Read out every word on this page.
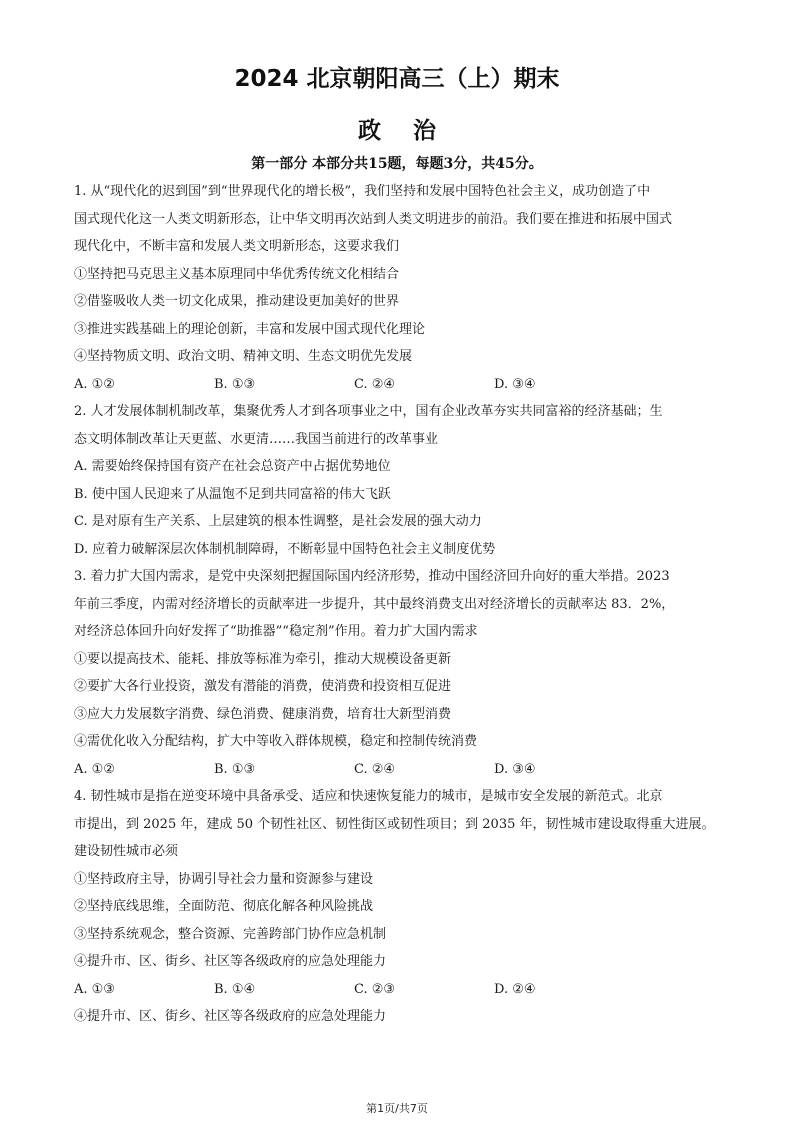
2024 北京朝阳高三（上）期末
政    治
第一部分 本部分共15题，每题3分，共45分。
1. 从“现代化的迟到国”到“世界现代化的增长极”，我们坚持和发展中国特色社会主义，成功创造了中
国式现代化这一人类文明新形态，让中华文明再次站到人类文明进步的前沿。我们要在推进和拓展中国式
现代化中，不断丰富和发展人类文明新形态，这要求我们
①坚持把马克思主义基本原理同中华优秀传统文化相结合
②借鉴吸收人类一切文化成果，推动建设更加美好的世界
③推进实践基础上的理论创新，丰富和发展中国式现代化理论
④坚持物质文明、政治文明、精神文明、生态文明优先发展
A. ①②	B. ①③	C. ②④	D. ③④
2. 人才发展体制机制改革，集聚优秀人才到各项事业之中，国有企业改革夯实共同富裕的经济基础；生
态文明体制改革让天更蓝、水更清……我国当前进行的改革事业
A. 需要始终保持国有资产在社会总资产中占据优势地位
B. 使中国人民迎来了从温饱不足到共同富裕的伟大飞跃
C. 是对原有生产关系、上层建筑的根本性调整，是社会发展的强大动力
D. 应着力破解深层次体制机制障碍，不断彰显中国特色社会主义制度优势
3. 着力扩大国内需求，是党中央深刻把握国际国内经济形势，推动中国经济回升向好的重大举措。2023
年前三季度，内需对经济增长的贡献率进一步提升，其中最终消费支出对经济增长的贡献率达 83．2%，
对经济总体回升向好发挥了“助推器”“稳定剂”作用。着力扩大国内需求
①要以提高技术、能耗、排放等标准为牵引，推动大规模设备更新
②要扩大各行业投资，激发有潜能的消费，使消费和投资相互促进
③应大力发展数字消费、绿色消费、健康消费，培育壮大新型消费
④需优化收入分配结构，扩大中等收入群体规模，稳定和控制传统消费
A. ①②	B. ①③	C. ②④	D. ③④
4. 韧性城市是指在逆变环境中具备承受、适应和快速恢复能力的城市，是城市安全发展的新范式。北京
市提出，到 2025 年，建成 50 个韧性社区、韧性街区或韧性项目；到 2035 年，韧性城市建设取得重大进展。
建设韧性城市必须
①坚持政府主导，协调引导社会力量和资源参与建设
②坚持底线思维，全面防范、彻底化解各种风险挑战
③坚持系统观念，整合资源、完善跨部门协作应急机制
④提升市、区、街乡、社区等各级政府的应急处理能力
A. ①③	B. ①④	C. ②③	D. ②④
④提升市、区、街乡、社区等各级政府的应急处理能力
第1页/共7页
